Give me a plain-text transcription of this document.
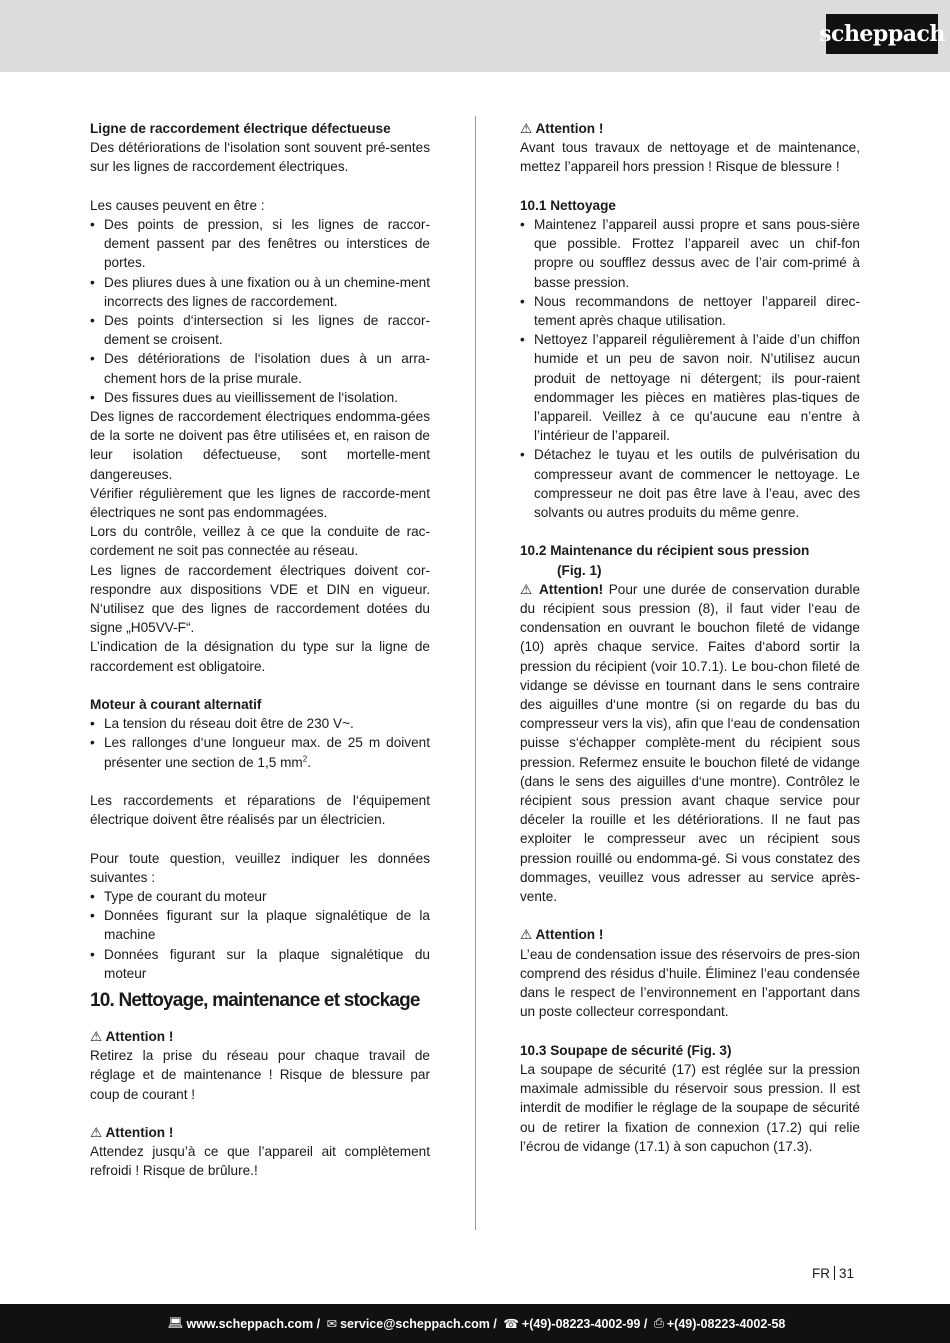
scheppach

Ligne de raccordement électrique défectueuse

Des détériorations de l‘isolation sont souvent pré-sentes sur les lignes de raccordement électriques.

Les causes peuvent en être :

• Des points de pression, si les lignes de raccor-dement passent par des fenêtres ou interstices de portes.

• Des pliures dues à une fixation ou à un chemine-ment incorrects des lignes de raccordement.

• Des points d‘intersection si les lignes de raccor-dement se croisent.

• Des détériorations de l‘isolation dues à un arra-chement hors de la prise murale.

• Des fissures dues au vieillissement de l‘isolation.

Des lignes de raccordement électriques endomma-gées de la sorte ne doivent pas être utilisées et, en raison de leur isolation défectueuse, sont mortelle-ment dangereuses.

Vérifier régulièrement que les lignes de raccorde-ment électriques ne sont pas endommagées.

Lors du contrôle, veillez à ce que la conduite de rac-cordement ne soit pas connectée au réseau.

Les lignes de raccordement électriques doivent cor-respondre aux dispositions VDE et DIN en vigueur. N‘utilisez que des lignes de raccordement dotées du signe „H05VV-F“.

L’indication de la désignation du type sur la ligne de raccordement est obligatoire.

Moteur à courant alternatif

• La tension du réseau doit être de 230 V~.

• Les rallonges d‘une longueur max. de 25 m doivent présenter une section de 1,5 $mm^2$.

Les raccordements et réparations de l‘équipement électrique doivent être réalisés par un électricien.

Pour toute question, veuillez indiquer les données suivantes :

• Type de courant du moteur

• Données figurant sur la plaque signalétique de la machine

• Données figurant sur la plaque signalétique du moteur

10. Nettoyage, maintenance et stockage

⚠ Attention !

Retirez la prise du réseau pour chaque travail de réglage et de maintenance ! Risque de blessure par coup de courant !

⚠ Attention !

Attendez jusqu’à ce que l’appareil ait complètement refroidi ! Risque de brûlure.!

⚠ Attention !

Avant tous travaux de nettoyage et de maintenance, mettez l’appareil hors pression ! Risque de blessure !

10.1 Nettoyage

• Maintenez l’appareil aussi propre et sans pous-sière que possible. Frottez l’appareil avec un chif-fon propre ou soufflez dessus avec de l’air com-primé à basse pression.

• Nous recommandons de nettoyer l’appareil direc-tement après chaque utilisation.

• Nettoyez l’appareil régulièrement à l’aide d’un chiffon humide et un peu de savon noir. N’utilisez aucun produit de nettoyage ni détergent; ils pour-raient endommager les pièces en matières plas-tiques de l’appareil. Veillez à ce qu’aucune eau n’entre à l’intérieur de l’appareil.

• Détachez le tuyau et les outils de pulvérisation du compresseur avant de commencer le nettoyage. Le compresseur ne doit pas être lave à l’eau, avec des solvants ou autres produits du même genre.

10.2 Maintenance du récipient sous pression

(Fig. 1)

⚠ Attention! Pour une durée de conservation durable du récipient sous pression (8), il faut vider l‘eau de condensation en ouvrant le bouchon fileté de vidange (10) après chaque service. Faites d‘abord sortir la pression du récipient (voir 10.7.1). Le bou-chon fileté de vidange se dévisse en tournant dans le sens contraire des aiguilles d‘une montre (si on regarde du bas du compresseur vers la vis), afin que l‘eau de condensation puisse s‘échapper complète-ment du récipient sous pression. Refermez ensuite le bouchon fileté de vidange (dans le sens des aiguilles d‘une montre). Contrôlez le récipient sous pression avant chaque service pour déceler la rouille et les détériorations. Il ne faut pas exploiter le compresseur avec un récipient sous pression rouillé ou endomma-gé. Si vous constatez des dommages, veuillez vous adresser au service après-vente.

⚠ Attention !

L’eau de condensation issue des réservoirs de pres-sion comprend des résidus d’huile. Éliminez l’eau condensée dans le respect de l’environnement en l’apportant dans un poste collecteur correspondant.

10.3 Soupape de sécurité (Fig. 3)

La soupape de sécurité (17) est réglée sur la pression maximale admissible du réservoir sous pression. Il est interdit de modifier le réglage de la soupape de sécurité ou de retirer la fixation de connexion (17.2) qui relie l’écrou de vidange (17.1) à son capuchon (17.3).

FR 31
💻︎ www.scheppach.com
/
✉ service@scheppach.com
/
☎ +(49)-08223-4002-99
/
⎙ +(49)-08223-4002-58
